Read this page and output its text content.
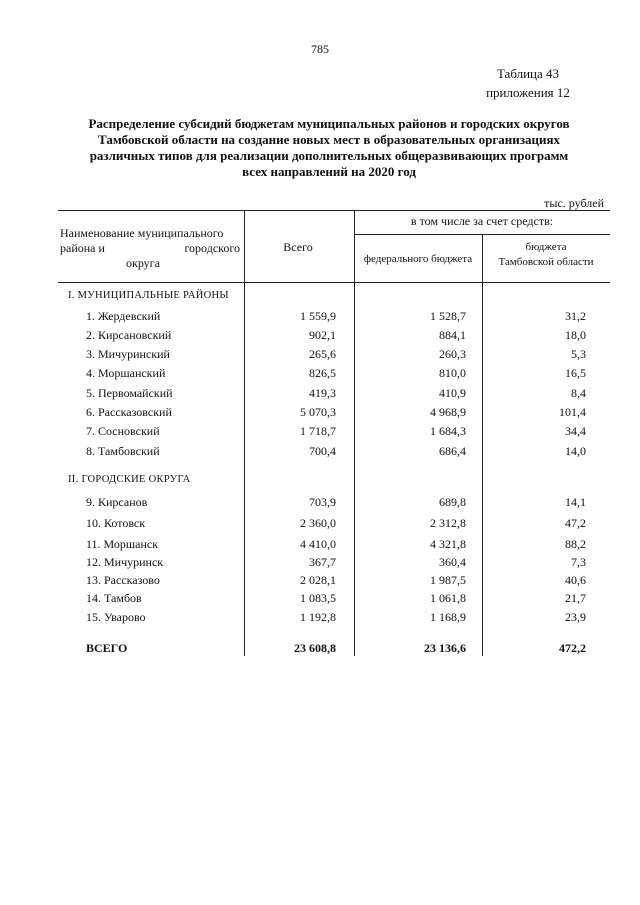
785
Таблица 43
приложения 12
Распределение субсидий бюджетам муниципальных районов и городских округов
Тамбовской области на создание новых мест в образовательных организациях
различных типов для реализации дополнительных общеразвивающих программ
всех направлений на 2020 год
тыс. рублей
Наименование муниципального
района и	городского
округа
Всего
в том числе за счет средств:
федерального бюджета
бюджета
Тамбовской области
I. МУНИЦИПАЛЬНЫЕ РАЙОНЫ
1. Жердевский	1 559,9	1 528,7	31,2
2. Кирсановский	902,1	884,1	18,0
3. Мичуринский	265,6	260,3	5,3
4. Моршанский	826,5	810,0	16,5
5. Первомайский	419,3	410,9	8,4
6. Рассказовский	5 070,3	4 968,9	101,4
7. Сосновский	1 718,7	1 684,3	34,4
8. Тамбовский	700,4	686,4	14,0
II. ГОРОДСКИЕ ОКРУГА
9. Кирсанов	703,9	689,8	14,1
10. Котовск	2 360,0	2 312,8	47,2
11. Моршанск	4 410,0	4 321,8	88,2
12. Мичуринск	367,7	360,4	7,3
13. Рассказово	2 028,1	1 987,5	40,6
14. Тамбов	1 083,5	1 061,8	21,7
15. Уварово	1 192,8	1 168,9	23,9
ВСЕГО	23 608,8	23 136,6	472,2
